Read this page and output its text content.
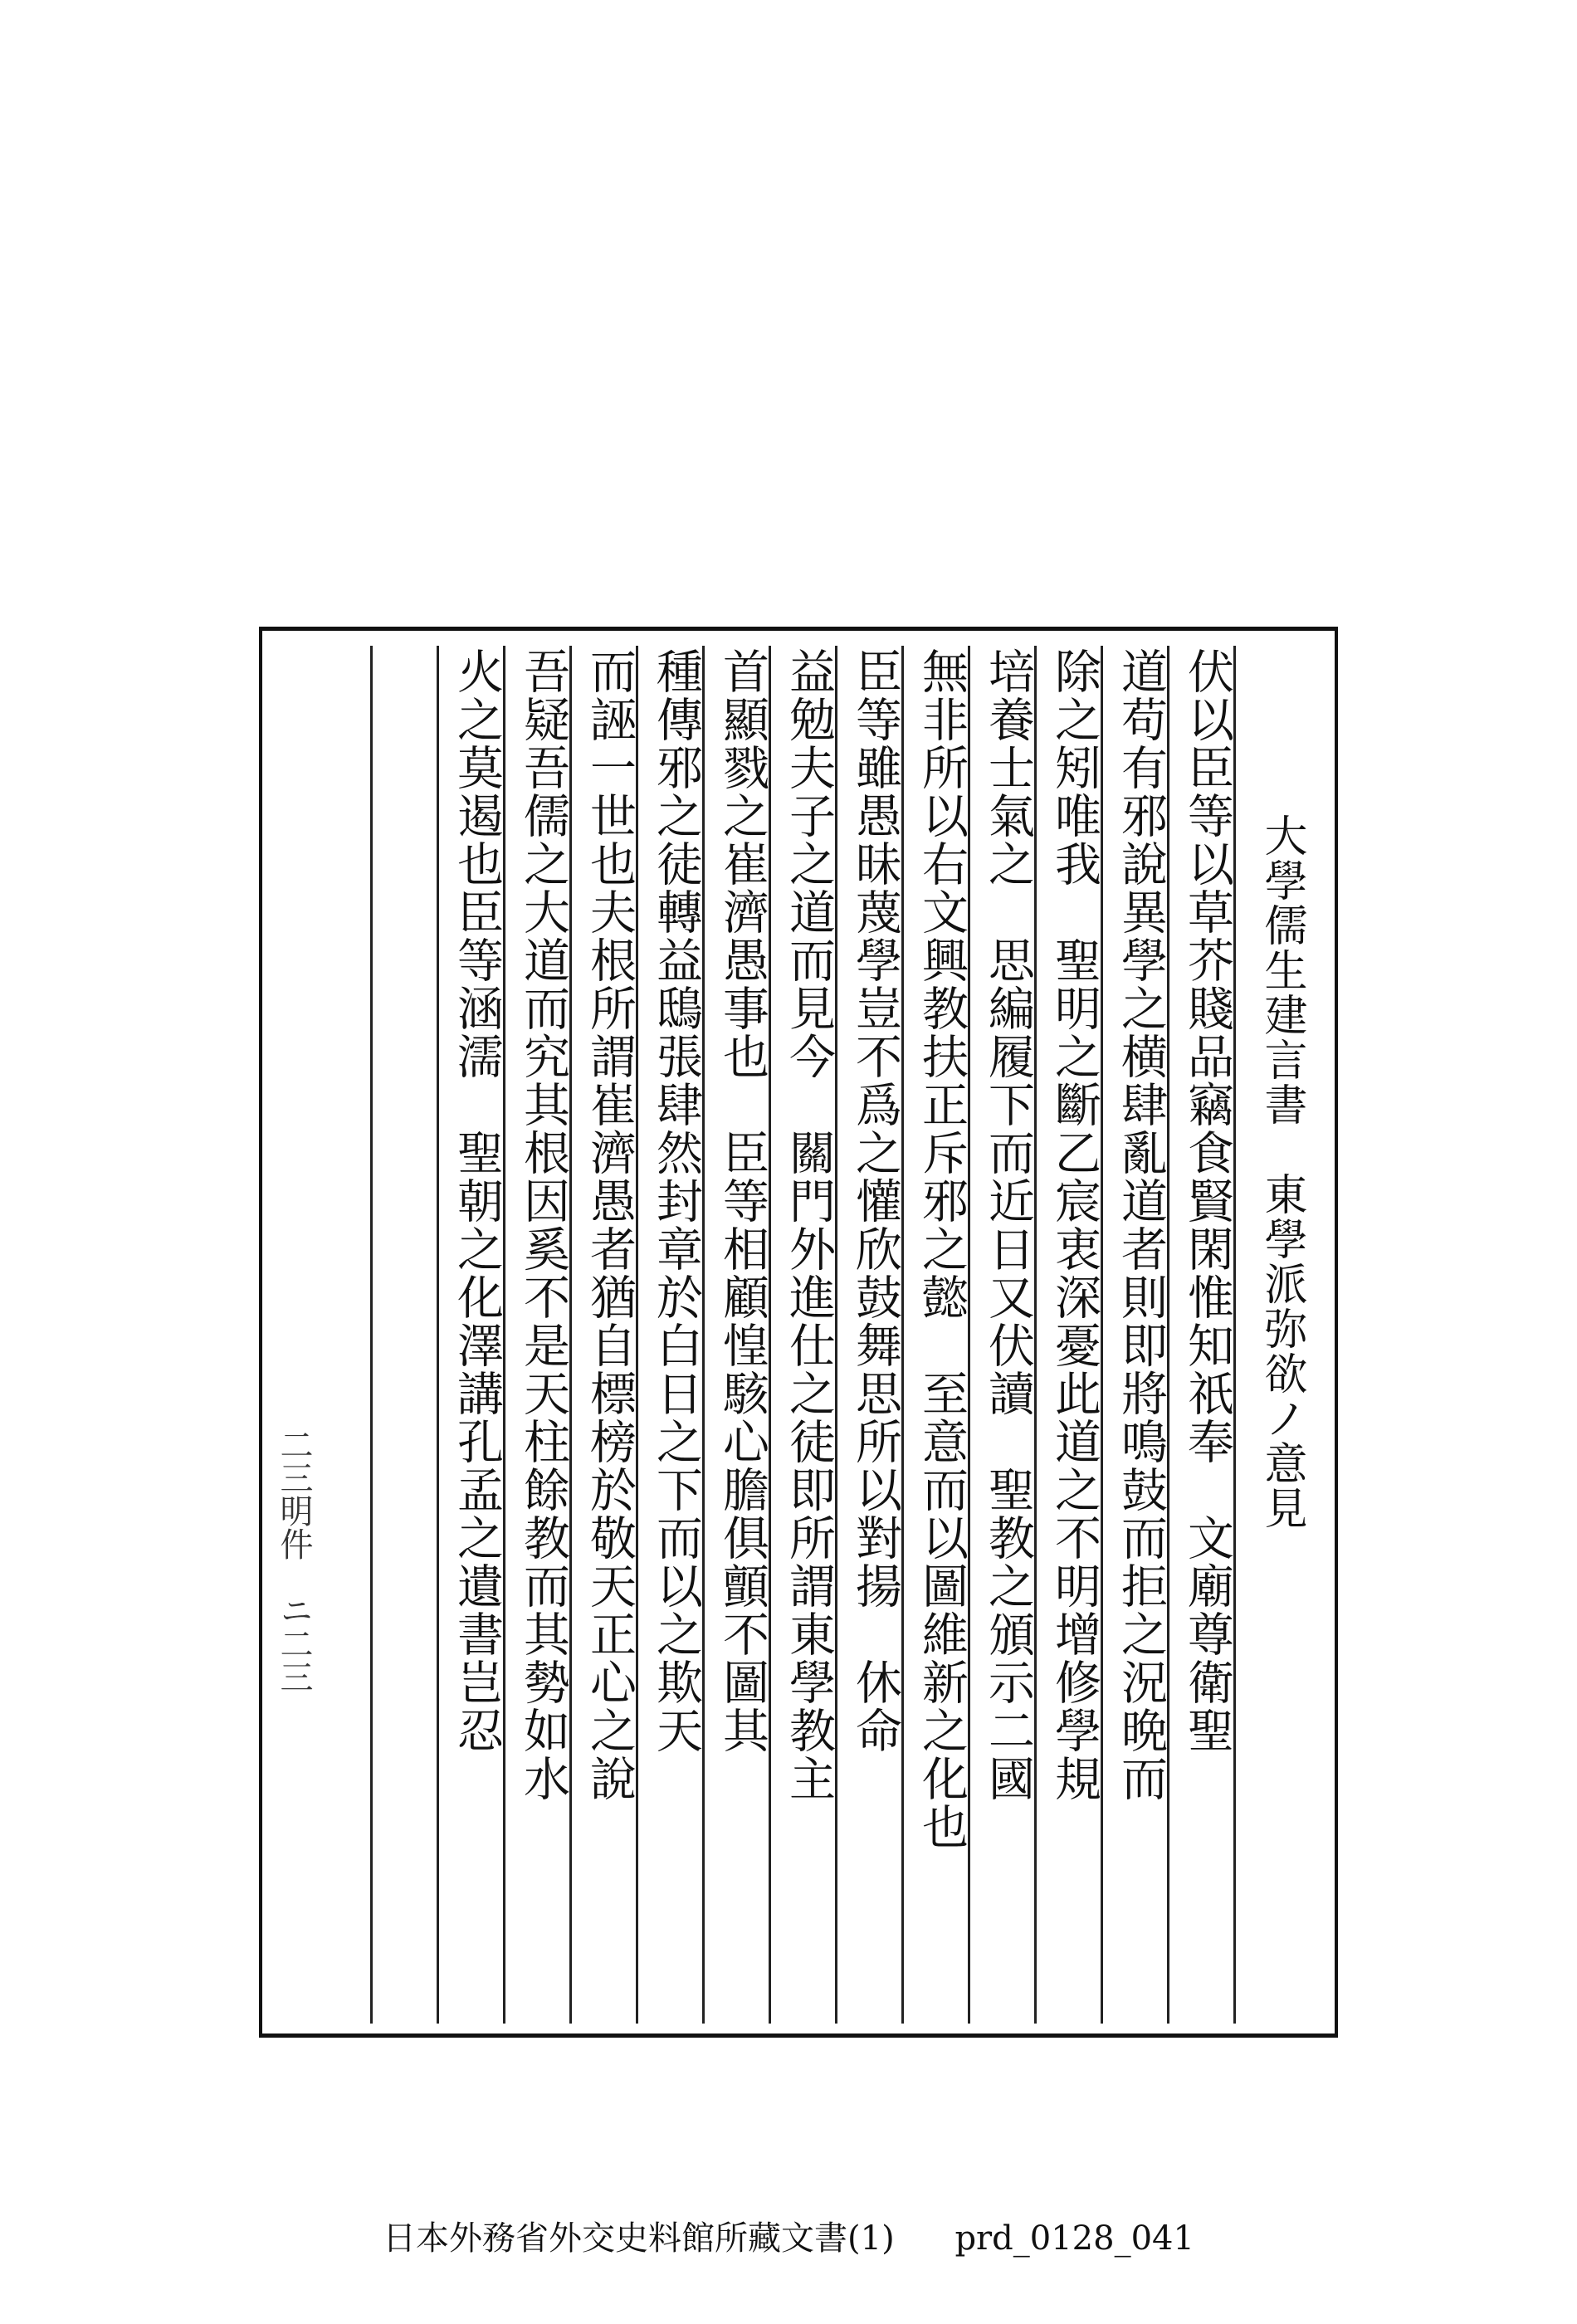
大學儒生建言書　東學派弥欲ノ意見
伏以臣等以草芥賤品竊食賢閑惟知祇奉　文廟尊衛聖
道苟有邪說異學之横肆亂道者則即將鳴鼓而拒之況晩而
除之矧唯我　聖明之斷乙宸衷深憂此道之不明增修學規
培養士氣之　思編履下而近日又伏讀　聖教之頒示二國
無非所以右文興教扶正斥邪之懿　至意而以圖維新之化也
臣等雖愚昧蔑學豈不爲之懽欣鼓舞思所以對揚　休命
益勉夫子之道而見今　關門外進仕之徒即所謂東學教主
首顯戮之崔濟愚事也　臣等相顧惶駭心膽俱顫不圖其
種傳邪之徒轉益鴟張肆然封章於白日之下而以之欺天
而誣一世也夫根所謂崔濟愚者猶自標榜於敬天正心之說
吾疑吾儒之大道而究其根因奚不是天柱餘教而其勢如水
火之莫遏也臣等涵濡　聖朝之化澤講孔孟之遺書岂忍
二三明件　ニ二三
日本外務省外交史料館所藏文書(1) prd_0128_041
